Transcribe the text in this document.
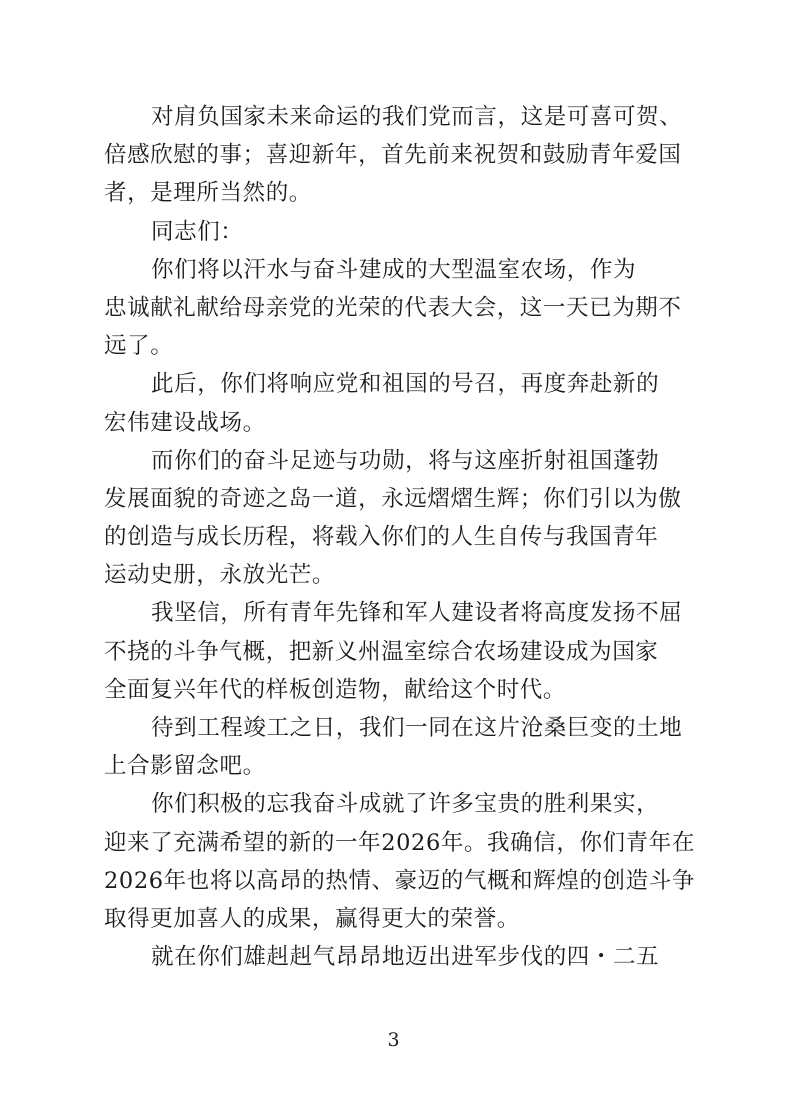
对肩负国家未来命运的我们党而言，这是可喜可贺、
倍感欣慰的事；喜迎新年，首先前来祝贺和鼓励青年爱国
者，是理所当然的。
同志们：
你们将以汗水与奋斗建成的大型温室农场，作为
忠诚献礼献给母亲党的光荣的代表大会，这一天已为期不
远了。
此后，你们将响应党和祖国的号召，再度奔赴新的
宏伟建设战场。
而你们的奋斗足迹与功勋，将与这座折射祖国蓬勃
发展面貌的奇迹之岛一道，永远熠熠生辉；你们引以为傲
的创造与成长历程，将载入你们的人生自传与我国青年
运动史册，永放光芒。
我坚信，所有青年先锋和军人建设者将高度发扬不屈
不挠的斗争气概，把新义州温室综合农场建设成为国家
全面复兴年代的样板创造物，献给这个时代。
待到工程竣工之日，我们一同在这片沧桑巨变的土地
上合影留念吧。
你们积极的忘我奋斗成就了许多宝贵的胜利果实，
迎来了充满希望的新的一年2026年。我确信，你们青年在
2026年也将以高昂的热情、豪迈的气概和辉煌的创造斗争
取得更加喜人的成果，赢得更大的荣誉。
就在你们雄赳赳气昂昂地迈出进军步伐的四・二五
3
